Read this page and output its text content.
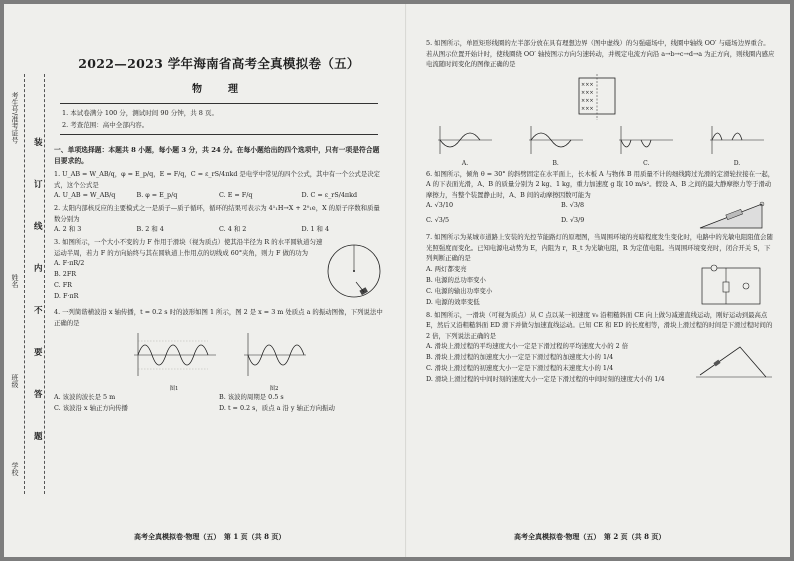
考生号/准考证号
姓名
班级
学校
装
订
线
内
不
要
答
题
2022—2023 学年海南省高考全真模拟卷（五）
物　理
1. 本试卷满分 100 分，测试时间 90 分钟，共 8 页。
2. 考查范围：高中全部内容。
一、单项选择题：本题共 8 小题，每小题 3 分，共 24 分。在每小题给出的四个选项中，只有一项是符合题目要求的。
1. U_AB = W_AB/q，φ = E_p/q，E = F/q，C = ε_rS/4πkd 是电学中常见的四个公式，其中有一个公式是决定式，这个公式是
A. U_AB = W_AB/q	B. φ = E_p/q	C. E = F/q	D. C = ε_rS/4πkd
2. 太阳内部核反应的主要模式之一是质子—质子循环，循环的结果可表示为 4¹₁H→X + 2⁰₁e，X 的原子序数和质量数分别为
A. 2 和 3	B. 2 和 4	C. 4 和 2	D. 1 和 4
3. 如图所示，一个大小不变的力 F 作用于滑块（视为质点）使其沿半径为 R 的水平圆轨道匀速运动半周，若力 F 的方向始终与其在圆轨道上作用点的切线成 60°夹角，则力 F 做的功为
A. F·πR/2
B. 2FR
C. FR
D. F·πR
4. 一列简谐横波沿 x 轴传播，t = 0.2 s 时的波形如图 1 所示，图 2 是 x = 3 m 处质点 a 的振动图像，下列说法中正确的是
图1	图2
A. 该波的波长是 5 m	B. 该波的周期是 0.5 s
C. 该波沿 x 轴正方向传播	D. t = 0.2 s，质点 a 沿 y 轴正方向振动
高考全真模拟卷·物理（五）　第 1 页（共 8 页）
5. 如图所示，单匝矩形线圈的左半部分放在具有理想边界（图中虚线）的匀强磁场中，线圈中轴线 OO′ 与磁场边界重合。若从图示位置开始计时，使线圈绕 OO′ 轴按图示方向匀速转动，并规定电流方向沿 a→b→c→d→a 为正方向，则线圈内感应电流随时间变化的图像正确的是
×××
×××
×××
×××
A.	B.	C.	D.
6. 如图所示，倾角 θ = 30° 的斜劈固定在水平面上，长木板 A 与物体 B 用质量不计的细线跨过光滑的定滑轮拉接在一起，A 的下表面光滑，A、B 的质量分别为 2 kg、1 kg，重力加速度 g 取 10 m/s²。假设 A、B 之间的最大静摩擦力等于滑动摩擦力，当整个装置静止时，A、B 间的动摩擦因数可能为
A. √3/10	B. √3/8
C. √3/5	D. √3/9
7. 如图所示为某城市道路上安装的光控节能路灯的原理图，当周围环境的亮暗程度发生变化时，电路中的光敏电阻阻值会随光照强度而变化。已知电源电动势为 E，内阻为 r，R_t 为光敏电阻，R 为定值电阻。当周围环境变亮时，闭合开关 S，下列判断正确的是
A. 两灯都变亮
B. 电源的总功率变小
C. 电源的输出功率变小
D. 电源的效率变低
8. 如图所示，一滑块（可视为质点）从 C 点以某一初速度 v₀ 沿粗糙斜面 CE 向上做匀减速直线运动，刚好运动到最高点 E，然后又沿粗糙斜面 ED 滑下并做匀加速直线运动。已知 CE 和 ED 的长度相等，滑块上滑过程的时间是下滑过程时间的 2 倍，下列说法正确的是
A. 滑块上滑过程的平均速度大小一定是下滑过程的平均速度大小的 2 倍
B. 滑块上滑过程的加速度大小一定是下滑过程的加速度大小的 1/4
C. 滑块上滑过程的初速度大小一定是下滑过程的末速度大小的 1/4
D. 滑块上滑过程的中间时刻的速度大小一定是下滑过程的中间时刻的速度大小的 1/4
高考全真模拟卷·物理（五）　第 2 页（共 8 页）
